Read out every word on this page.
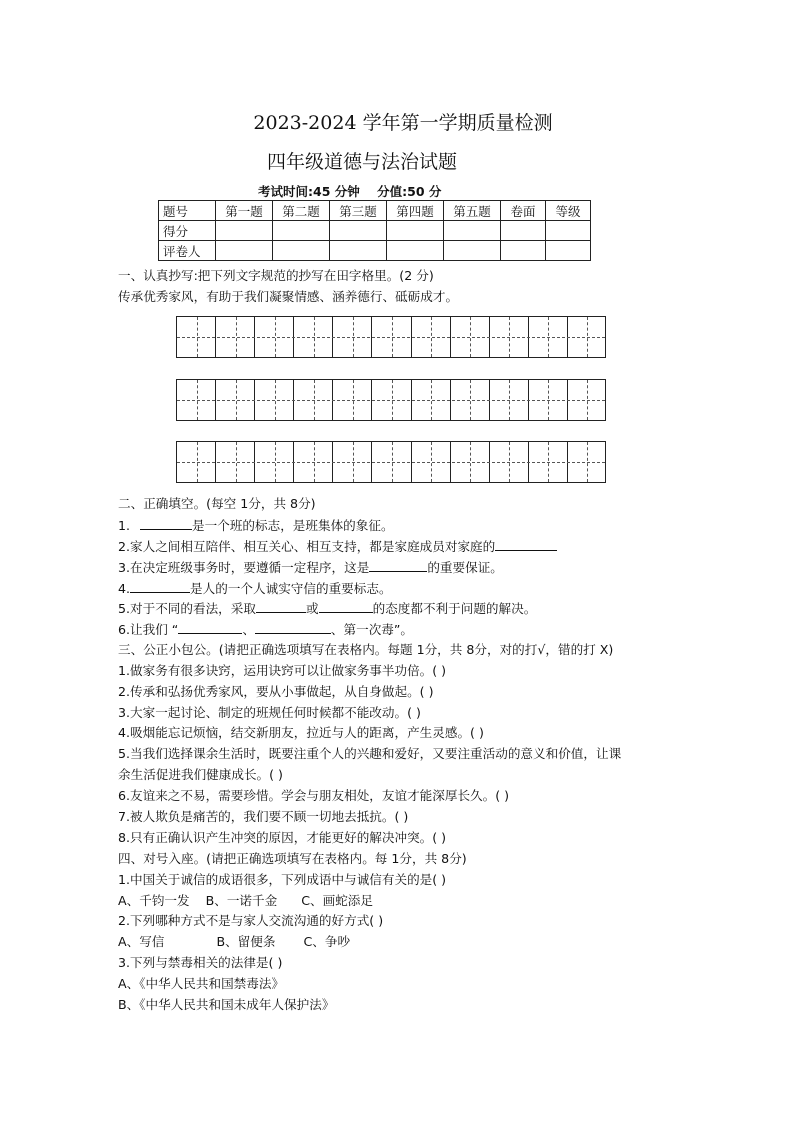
2023-2024 学年第一学期质量检测
四年级道德与法治试题
考试时间:45 分钟    分值:50 分
题号	第一题	第二题	第三题	第四题	第五题	卷面	等级
得分							
评卷人							
一、认真抄写:把下列文字规范的抄写在田字格里。(2 分)
传承优秀家风，有助于我们凝聚情感、涵养德行、砥砺成才。
二、正确填空。(每空 1分，共 8分)
1.	是一个班的标志，是班集体的象征。
2.家人之间相互陪伴、相互关心、相互支持，都是家庭成员对家庭的
3.在决定班级事务时，要遵循一定程序，这是	的重要保证。
4.	是人的一个人诚实守信的重要标志。
5.对于不同的看法，采取	或	的态度都不利于问题的解决。
6.让我们 “	、	、第一次毒”。
三、公正小包公。(请把正确选项填写在表格内。每题 1分，共 8分，对的打√，错的打 X)
1.做家务有很多诀窍，运用诀窍可以让做家务事半功倍。( )
2.传承和弘扬优秀家风，要从小事做起，从自身做起。( )
3.大家一起讨论、制定的班规任何时候都不能改动。( )
4.吸烟能忘记烦恼，结交新朋友，拉近与人的距离，产生灵感。( )
5.当我们选择课余生活时，既要注重个人的兴趣和爱好，又要注重活动的意义和价值，让课
余生活促进我们健康成长。( )
6.友谊来之不易，需要珍惜。学会与朋友相处，友谊才能深厚长久。( )
7.被人欺负是痛苦的，我们要不顾一切地去抵抗。( )
8.只有正确认识产生冲突的原因，才能更好的解决冲突。( )
四、对号入座。(请把正确选项填写在表格内。每 1分，共 8分)
1.中国关于诚信的成语很多，下列成语中与诚信有关的是( )
A、千钧一发    B、一诺千金      C、画蛇添足
2.下列哪种方式不是与家人交流沟通的好方式( )
A、写信             B、留便条       C、争吵
3.下列与禁毒相关的法律是( )
A、《中华人民共和国禁毒法》
B、《中华人民共和国未成年人保护法》
